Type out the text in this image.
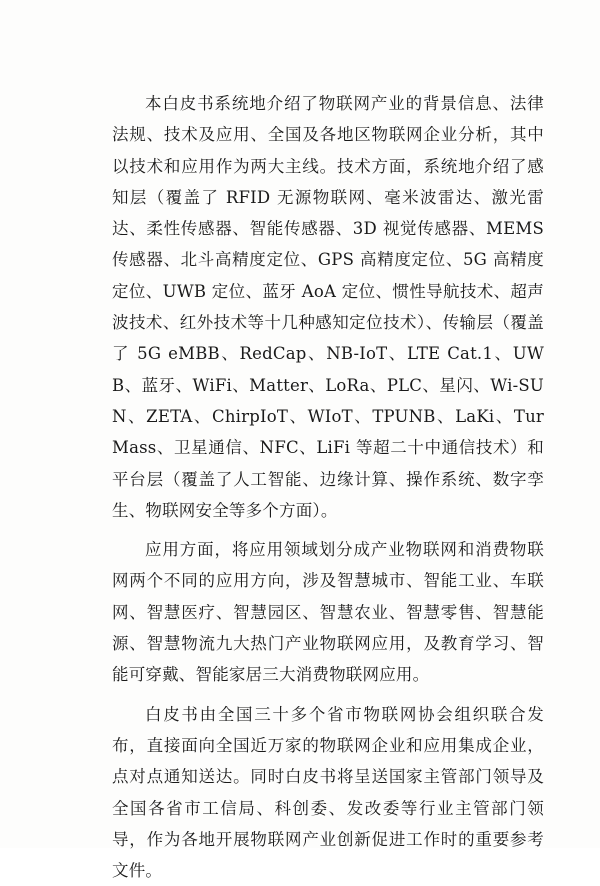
本白皮书系统地介绍了物联网产业的背景信息、法律法规、技术及应用、全国及各地区物联网企业分析，其中以技术和应用作为两大主线。技术方面，系统地介绍了感知层（覆盖了 RFID 无源物联网、毫米波雷达、激光雷达、柔性传感器、智能传感器、3D 视觉传感器、MEMS 传感器、北斗高精度定位、GPS 高精度定位、5G 高精度定位、UWB 定位、蓝牙 AoA 定位、惯性导航技术、超声波技术、红外技术等十几种感知定位技术）、传输层（覆盖了 5G eMBB、RedCap、NB-IoT、LTE Cat.1、UWB、蓝牙、WiFi、Matter、LoRa、PLC、星闪、Wi-SUN、ZETA、ChirpIoT、WIoT、TPUNB、LaKi、TurMass、卫星通信、NFC、LiFi 等超二十中通信技术）和平台层（覆盖了人工智能、边缘计算、操作系统、数字孪生、物联网安全等多个方面）。

应用方面，将应用领域划分成产业物联网和消费物联网两个不同的应用方向，涉及智慧城市、智能工业、车联网、智慧医疗、智慧园区、智慧农业、智慧零售、智慧能源、智慧物流九大热门产业物联网应用，及教育学习、智能可穿戴、智能家居三大消费物联网应用。

白皮书由全国三十多个省市物联网协会组织联合发布，直接面向全国近万家的物联网企业和应用集成企业，点对点通知送达。同时白皮书将呈送国家主管部门领导及全国各省市工信局、科创委、发改委等行业主管部门领导，作为各地开展物联网产业创新促进工作时的重要参考文件。
